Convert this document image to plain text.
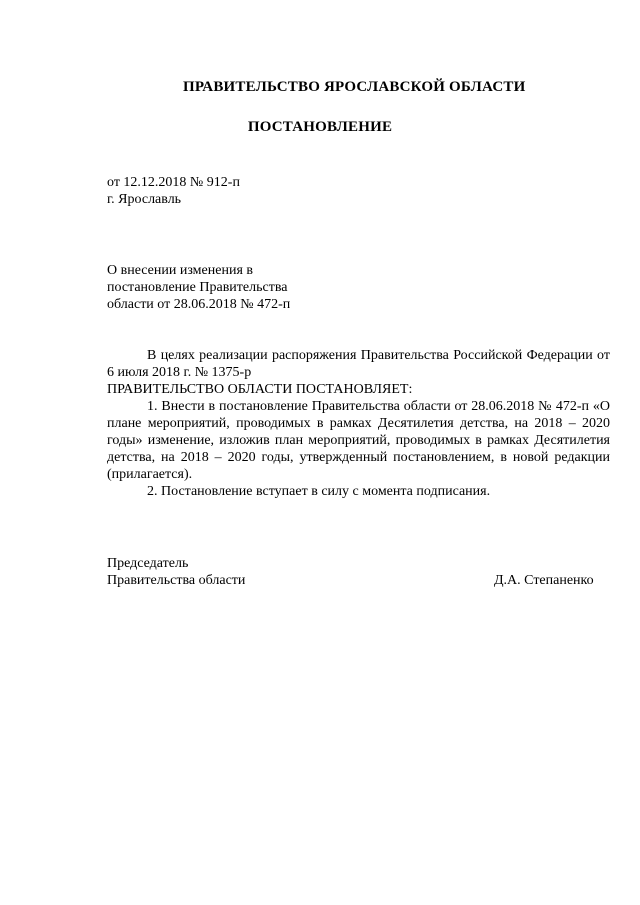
ПРАВИТЕЛЬСТВО ЯРОСЛАВСКОЙ ОБЛАСТИ
ПОСТАНОВЛЕНИЕ
от 12.12.2018 № 912-п
г. Ярославль
О внесении изменения в
постановление Правительства
области от 28.06.2018 № 472-п

В целях реализации распоряжения Правительства Российской Федерации от 6 июля 2018 г. № 1375-р

ПРАВИТЕЛЬСТВО ОБЛАСТИ ПОСТАНОВЛЯЕТ:

1. Внести в постановление Правительства области от 28.06.2018 № 472-п «О плане мероприятий, проводимых в рамках Десятилетия детства, на 2018 – 2020 годы» изменение, изложив план мероприятий, проводимых в рамках Десятилетия детства, на 2018 – 2020 годы, утвержденный постановлением, в новой редакции (прилагается).

2. Постановление вступает в силу с момента подписания.

Председатель
Правительства области	Д.А. Степаненко
